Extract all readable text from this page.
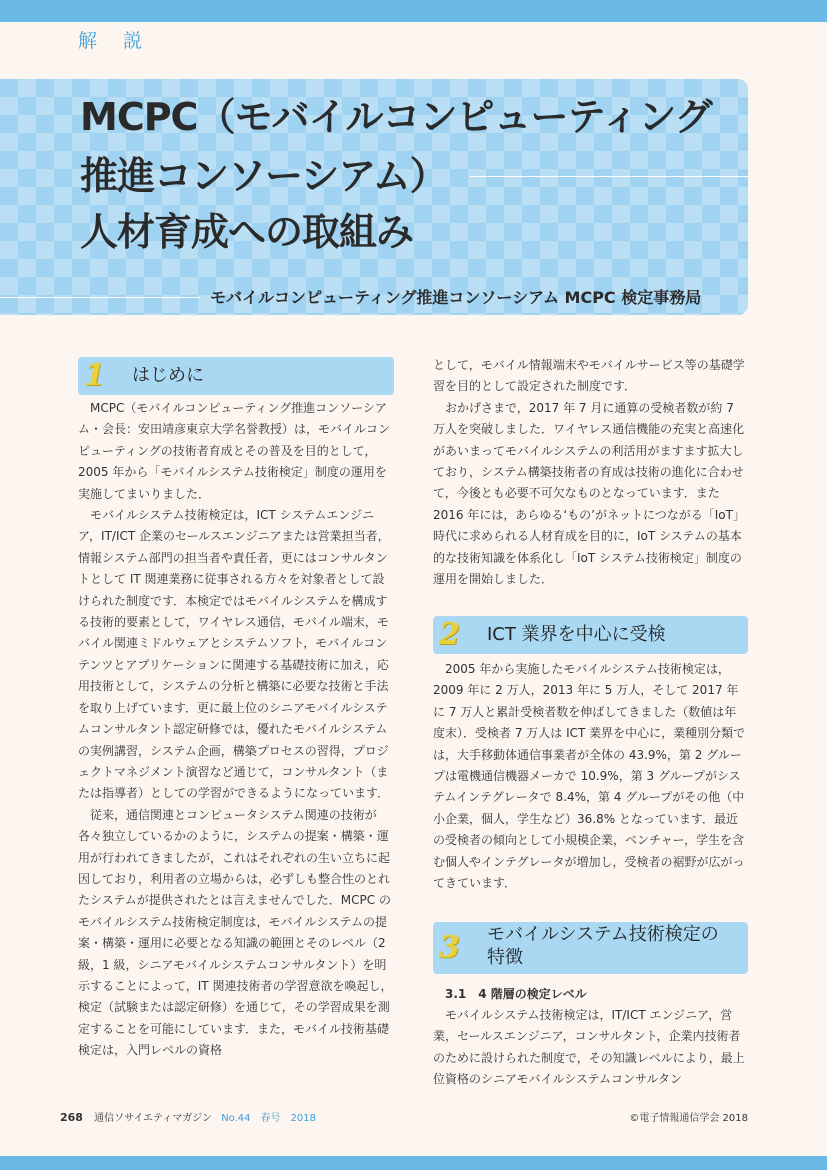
解 説
MCPC（モバイルコンピューティング
推進コンソーシアム）
人材育成への取組み
モバイルコンピューティング推進コンソーシアム MCPC 検定事務局
1 はじめに

MCPC（モバイルコンピューティング推進コンソーシアム・会長：安田靖彦東京大学名誉教授）は，モバイルコンピューティングの技術者育成とその普及を目的として，2005 年から「モバイルシステム技術検定」制度の運用を実施してまいりました．

モバイルシステム技術検定は，ICT システムエンジニア，IT/ICT 企業のセールスエンジニアまたは営業担当者，情報システム部門の担当者や責任者，更にはコンサルタントとして IT 関連業務に従事される方々を対象者として設けられた制度です．本検定ではモバイルシステムを構成する技術的要素として，ワイヤレス通信，モバイル端末，モバイル関連ミドルウェアとシステムソフト，モバイルコンテンツとアプリケーションに関連する基礎技術に加え，応用技術として，システムの分析と構築に必要な技術と手法を取り上げています．更に最上位のシニアモバイルシステムコンサルタント認定研修では，優れたモバイルシステムの実例講習，システム企画，構築プロセスの習得，プロジェクトマネジメント演習など通じて，コンサルタント（または指導者）としての学習ができるようになっています．

従来，通信関連とコンピュータシステム関連の技術が各々独立しているかのように，システムの提案・構築・運用が行われてきましたが，これはそれぞれの生い立ちに起因しており，利用者の立場からは，必ずしも整合性のとれたシステムが提供されたとは言えませんでした．MCPC のモバイルシステム技術検定制度は，モバイルシステムの提案・構築・運用に必要となる知識の範囲とそのレベル（2 級，1 級，シニアモバイルシステムコンサルタント）を明示することによって，IT 関連技術者の学習意欲を喚起し，検定（試験または認定研修）を通じて，その学習成果を測定することを可能にしています．また，モバイル技術基礎検定は，入門レベルの資格

として，モバイル情報端末やモバイルサービス等の基礎学習を目的として設定された制度です．

おかげさまで，2017 年 7 月に通算の受検者数が約 7 万人を突破しました．ワイヤレス通信機能の充実と高速化があいまってモバイルシステムの利活用がますます拡大しており，システム構築技術者の育成は技術の進化に合わせて，今後とも必要不可欠なものとなっています．また 2016 年には，あらゆる‘もの’がネットにつながる「IoT」時代に求められる人材育成を目的に，IoT システムの基本的な技術知識を体系化し「IoT システム技術検定」制度の運用を開始しました．

2 ICT 業界を中心に受検

2005 年から実施したモバイルシステム技術検定は，2009 年に 2 万人，2013 年に 5 万人，そして 2017 年に 7 万人と累計受検者数を伸ばしてきました（数値は年度末）．受検者 7 万人は ICT 業界を中心に，業種別分類では，大手移動体通信事業者が全体の 43.9%，第 2 グループは電機通信機器メーカで 10.9%，第 3 グループがシステムインテグレータで 8.4%，第 4 グループがその他（中小企業，個人，学生など）36.8% となっています．最近の受検者の傾向として小規模企業，ベンチャー，学生を含む個人やインテグレータが増加し，受検者の裾野が広がってきています．

3 モバイルシステム技術検定の
特徴

3.1　4 階層の検定レベル

モバイルシステム技術検定は，IT/ICT エンジニア，営業，セールスエンジニア，コンサルタント，企業内技術者のために設けられた制度で，その知識レベルにより，最上位資格のシニアモバイルシステムコンサルタン

268 通信ソサイエティマガジン No.44　春号　2018	©電子情報通信学会 2018
